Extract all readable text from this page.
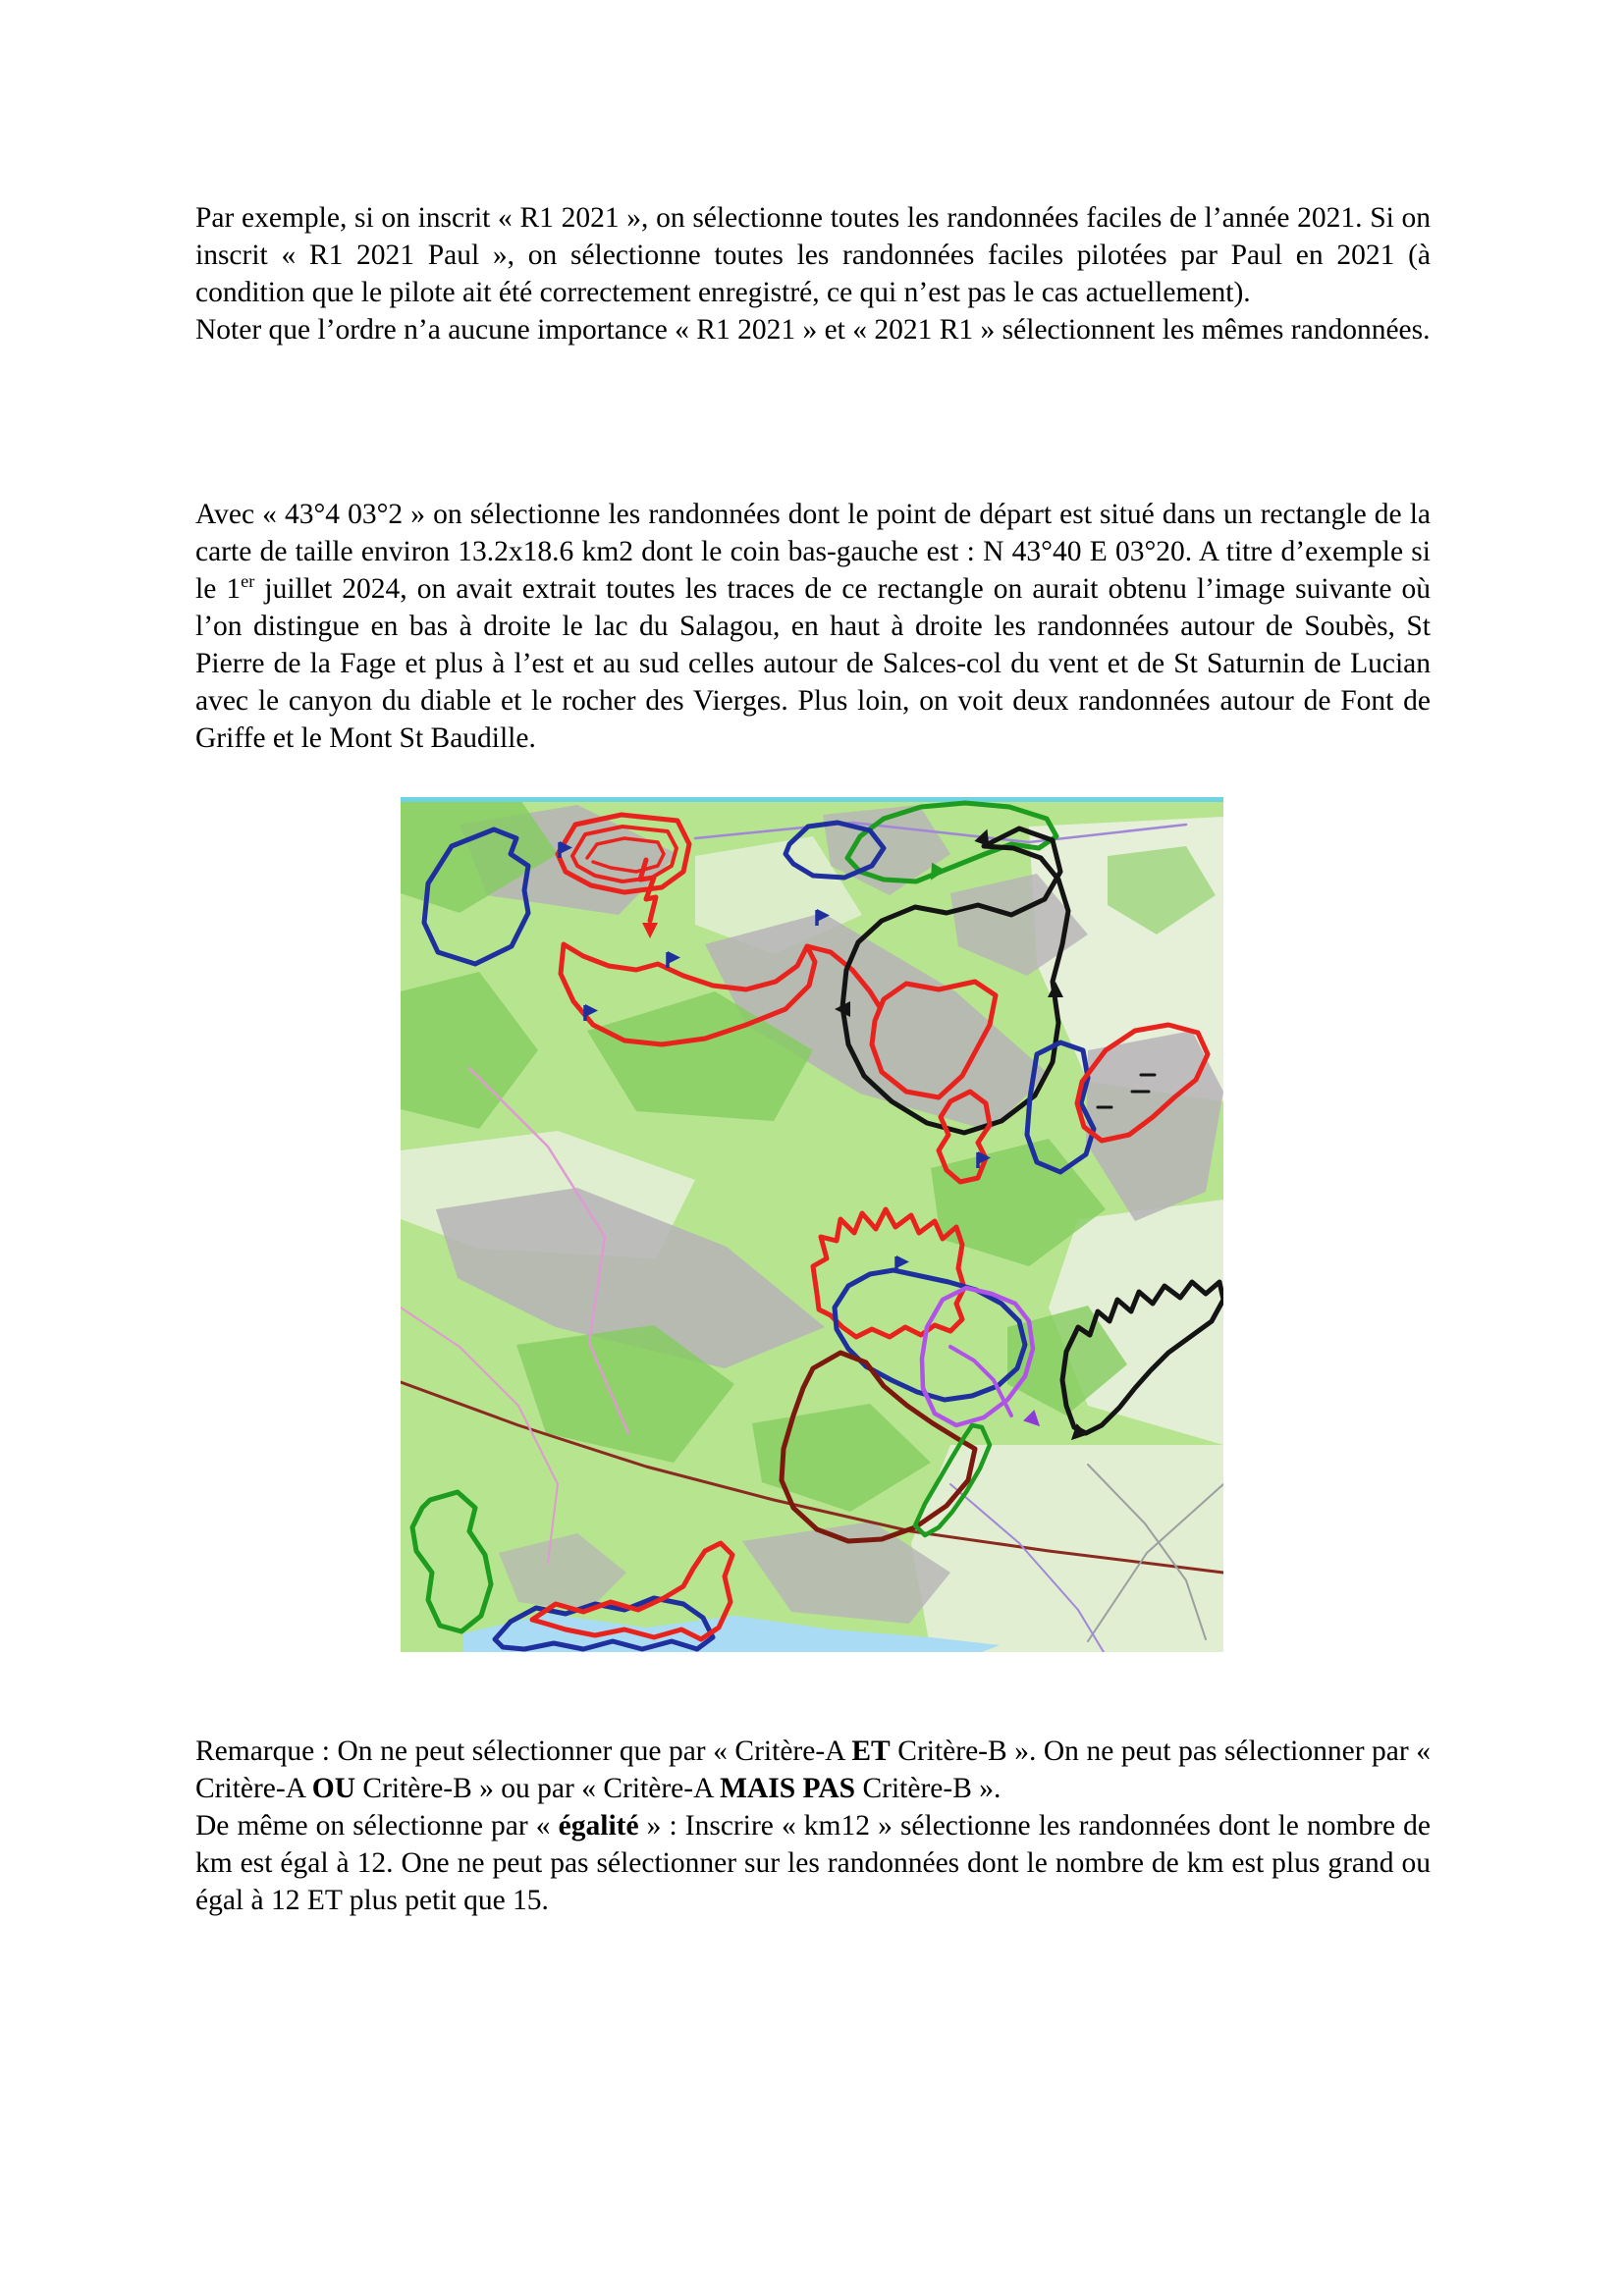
Par exemple, si on inscrit « R1 2021 », on sélectionne toutes les randonnées faciles de l’année 2021. Si on inscrit « R1 2021 Paul », on sélectionne toutes les randonnées faciles pilotées par Paul en 2021 (à condition que le pilote ait été correctement enregistré, ce qui n’est pas le cas actuellement).

Noter que l’ordre n’a aucune importance « R1 2021 » et « 2021 R1 » sélectionnent les mêmes randonnées.

Avec « 43°4 03°2 » on sélectionne les randonnées dont le point de départ est situé dans un rectangle de la carte de taille environ 13.2x18.6 km2 dont le coin bas-gauche est : N 43°40 E 03°20. A titre d’exemple si le 1er juillet 2024, on avait extrait toutes les traces de ce rectangle on aurait obtenu l’image suivante où l’on distingue en bas à droite le lac du Salagou, en haut à droite les randonnées autour de Soubès, St Pierre de la Fage et plus à l’est et au sud celles autour de Salces-col du vent et de St Saturnin de Lucian avec le canyon du diable et le rocher des Vierges. Plus loin, on voit deux randonnées autour de Font de Griffe et le Mont St Baudille.

Remarque : On ne peut sélectionner que par « Critère-A ET Critère-B ». On ne peut pas sélectionner par « Critère-A OU Critère-B » ou par « Critère-A MAIS PAS Critère-B ».

De même on sélectionne par « égalité » : Inscrire « km12 » sélectionne les randonnées dont le nombre de km est égal à 12. One ne peut pas sélectionner sur les randonnées dont le nombre de km est plus grand ou égal à 12 ET plus petit que 15.
